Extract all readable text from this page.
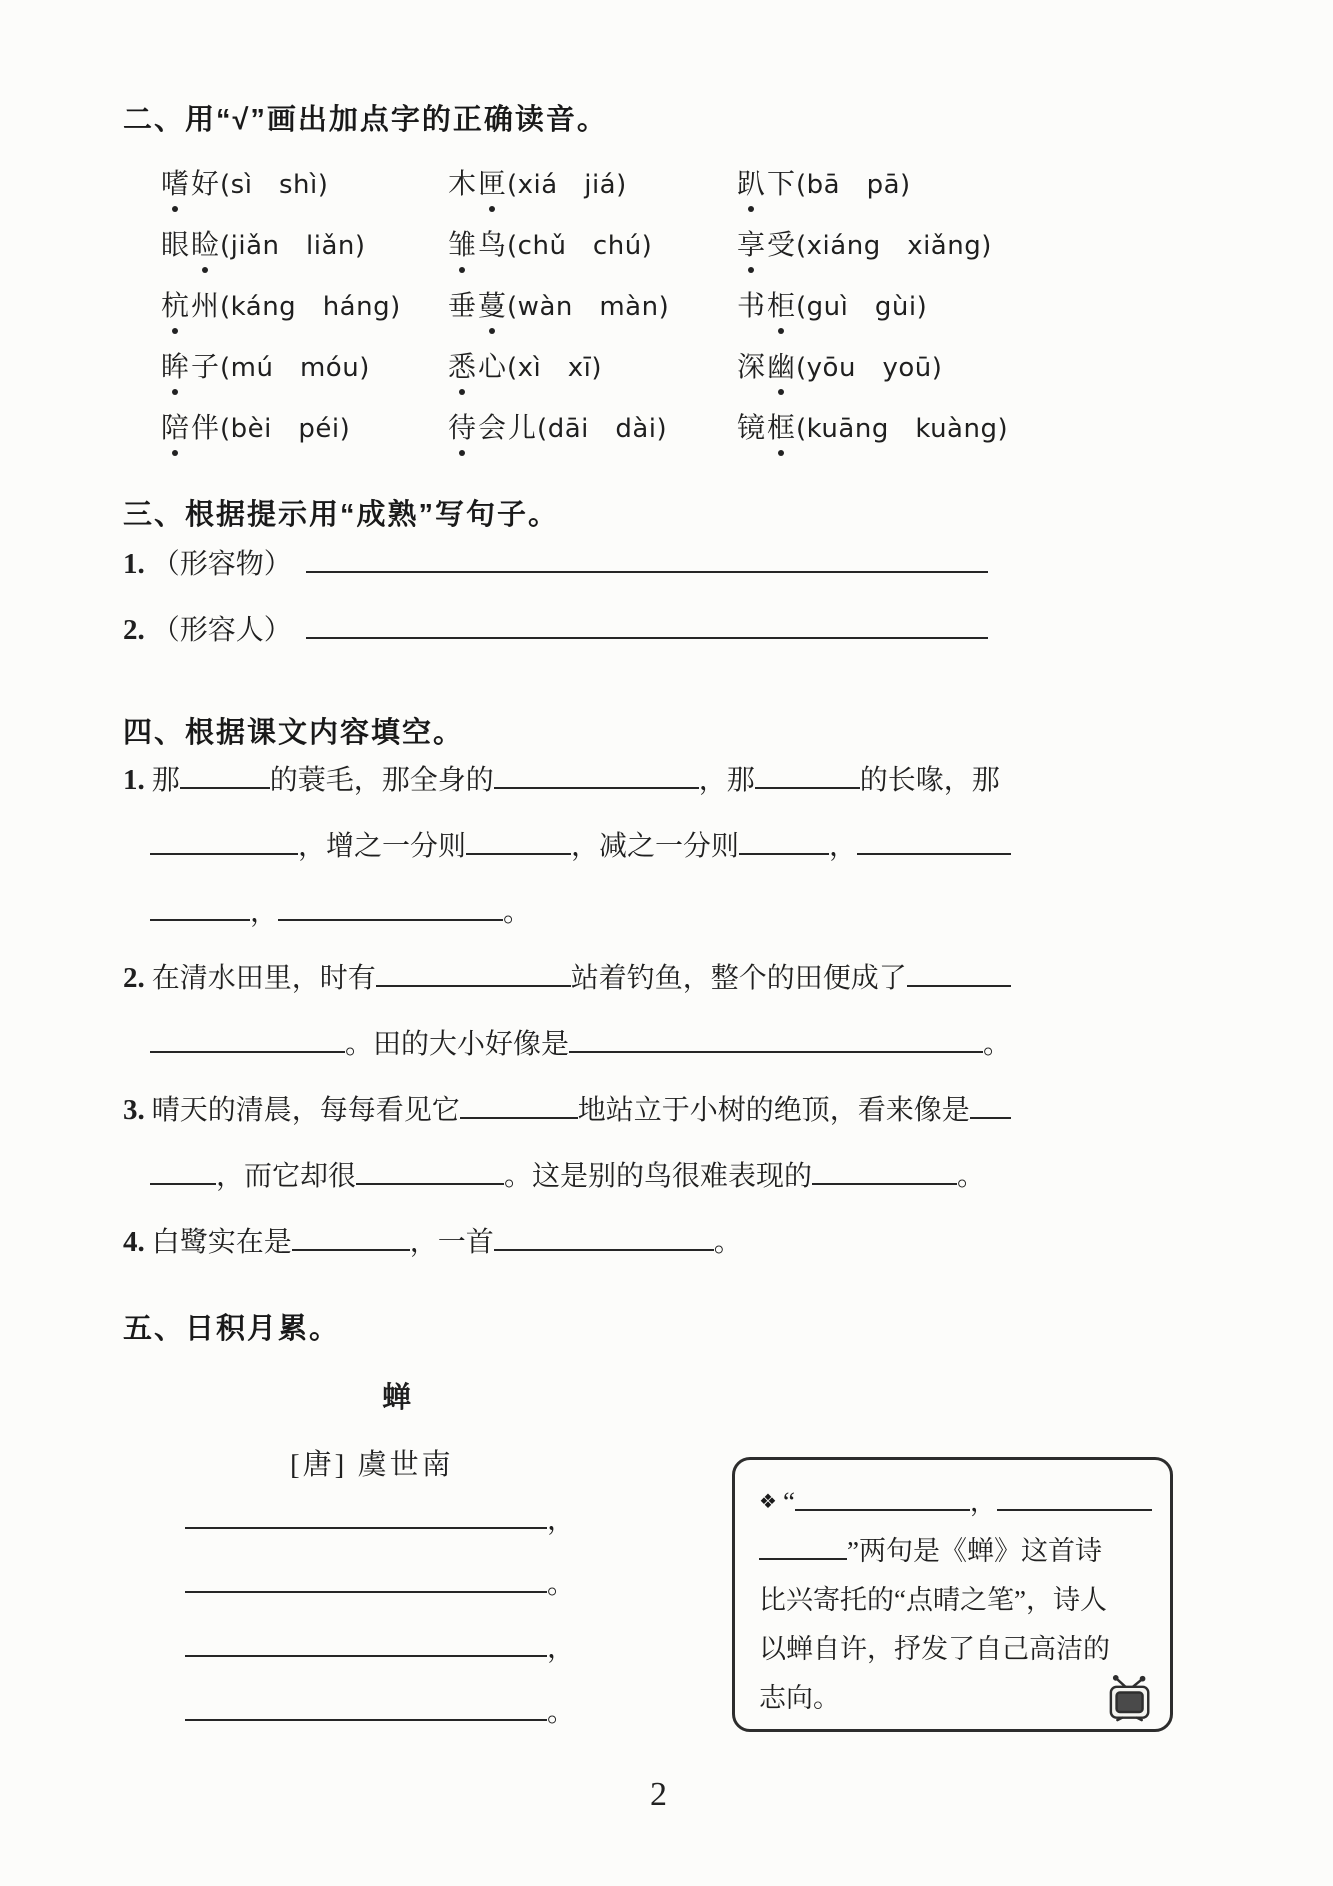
二、用“√”画出加点字的正确读音。
嗜好(sì shì)	木匣(xiá jiá)	趴下(bā pā)
眼睑(jiǎn liǎn)	雏鸟(chǔ chú)	享受(xiáng xiǎng)
杭州(káng háng)	垂蔓(wàn màn)	书柜(guì gùi)
眸子(mú móu)	悉心(xì xī)	深幽(yōu yoū)
陪伴(bèi péi)	待会儿(dāi dài)	镜框(kuāng kuàng)
三、根据提示用“成熟”写句子。
1. （形容物）　
2. （形容人）　
四、根据课文内容填空。
1. 那	的蓑毛，那全身的	，那	的长喙，那
，增之一分则	，减之一分则	，
，	。
2. 在清水田里，时有	站着钓鱼，整个的田便成了
。田的大小好像是	。
3. 晴天的清晨，每每看见它	地站立于小树的绝顶，看来像是
，而它却很	。这是别的鸟很难表现的	。
4. 白鹭实在是	，一首	。
五、日积月累。
蝉
[唐] 虞世南
，
。
，
。
❖ “	，
”两句是《蝉》这首诗
比兴寄托的“点晴之笔”，诗人
以蝉自许，抒发了自己高洁的
志向。
2
